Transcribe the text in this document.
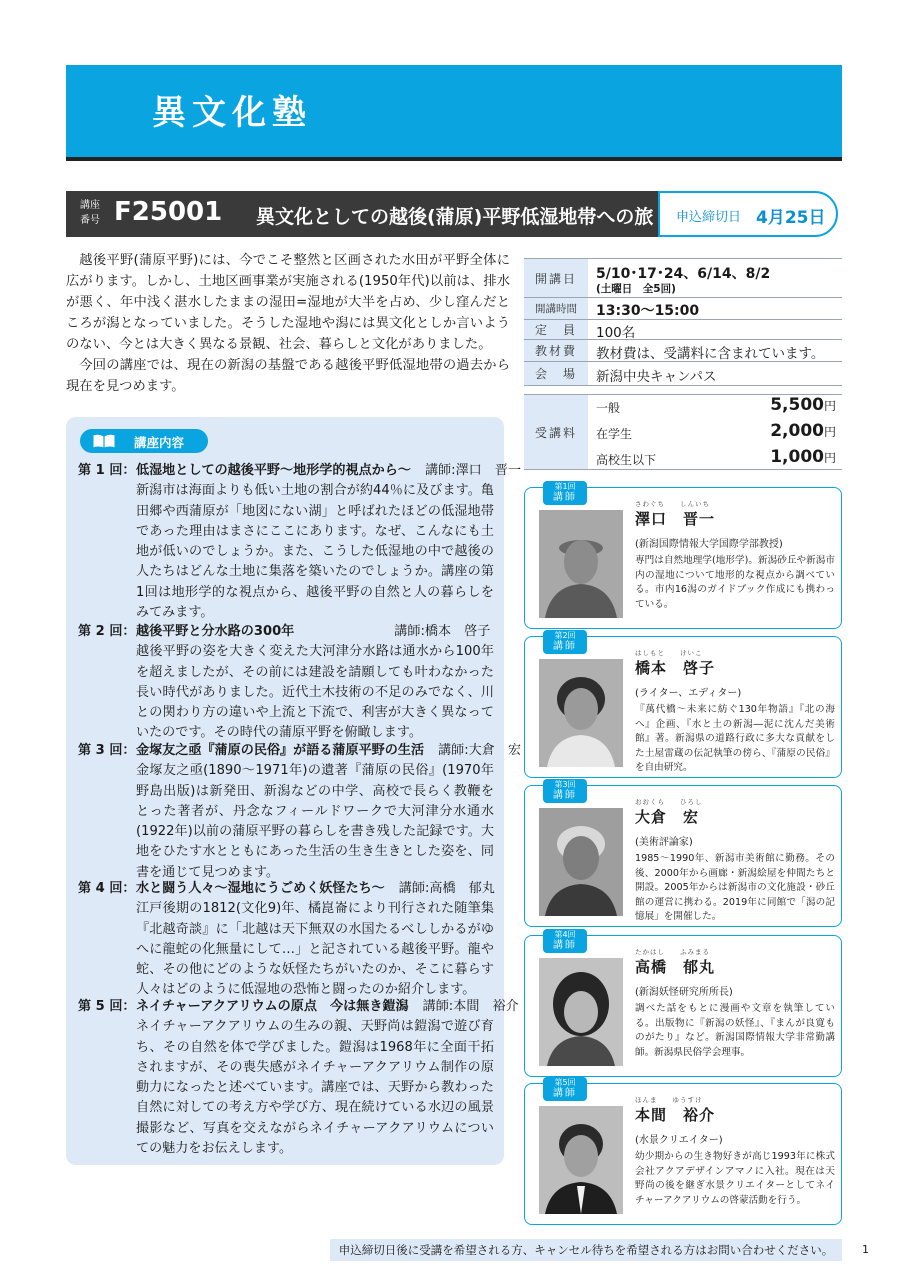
異文化塾
講座番号 F25001 異文化としての越後(蒲原)平野低湿地帯への旅 申込締切日 4月25日

越後平野(蒲原平野)には、今でこそ整然と区画された水田が平野全体に広がります。しかし、土地区画事業が実施される(1950年代)以前は、排水が悪く、年中浅く湛水したままの湿田=湿地が大半を占め、少し窪んだところが潟となっていました。そうした湿地や潟には異文化としか言いようのない、今とは大きく異なる景観、社会、暮らしと文化がありました。

今回の講座では、現在の新潟の基盤である越後平野低湿地帯の過去から現在を見つめます。

講座内容
第 1 回： 低湿地としての越後平野～地形学的視点から～ 講師:澤口　晋一
新潟市は海面よりも低い土地の割合が約44％に及びます。亀田郷や西蒲原が「地図にない湖」と呼ばれたほどの低湿地帯であった理由はまさにここにあります。なぜ、こんなにも土地が低いのでしょうか。また、こうした低湿地の中で越後の人たちはどんな土地に集落を築いたのでしょうか。講座の第1回は地形学的な視点から、越後平野の自然と人の暮らしをみてみます。
第 2 回： 越後平野と分水路の300年	講師:橋本　啓子
越後平野の姿を大きく変えた大河津分水路は通水から100年を超えましたが、その前には建設を請願しても叶わなかった長い時代がありました。近代土木技術の不足のみでなく、川との関わり方の違いや上流と下流で、利害が大きく異なっていたのです。その時代の蒲原平野を俯瞰します。
第 3 回： 金塚友之亟『蒲原の民俗』が語る蒲原平野の生活 講師:大倉　宏
金塚友之亟(1890～1971年)の遺著『蒲原の民俗』(1970年野島出版)は新発田、新潟などの中学、高校で長らく教鞭をとった著者が、丹念なフィールドワークで大河津分水通水(1922年)以前の蒲原平野の暮らしを書き残した記録です。大地をひたす水とともにあった生活の生き生きとした姿を、同書を通じて見つめます。
第 4 回： 水と闘う人々～湿地にうごめく妖怪たち～ 講師:高橋　郁丸
江戸後期の1812(文化9)年、橘崑崙により刊行された随筆集『北越奇談』に「北越は天下無双の水国たるべししかるがゆへに龍蛇の化無量にして…」と記されている越後平野。龍や蛇、その他にどのような妖怪たちがいたのか、そこに暮らす人々はどのように低湿地の恐怖と闘ったのか紹介します。
第 5 回： ネイチャーアクアリウムの原点　今は無き鎧潟 講師:本間　裕介
ネイチャーアクアリウムの生みの親、天野尚は鎧潟で遊び育ち、その自然を体で学びました。鎧潟は1968年に全面干拓されますが、その喪失感がネイチャーアクアリウム制作の原動力になったと述べています。講座では、天野から教わった自然に対しての考え方や学び方、現在続けている水辺の風景撮影など、写真を交えながらネイチャーアクアリウムについての魅力をお伝えします。
開講日	5/10･17･24、6/14、8/2
(土曜日　全5回)
開講時間	13:30～15:00
定　員	100名
教材費	教材費は、受講料に含まれています。
会　場	新潟中央キャンパス
受講料
一般	5,500円
在学生	2,000円
高校生以下	1,000円
第1回
講師
さわぐち　　 しんいち
澤口　晋一
(新潟国際情報大学国際学部教授)
専門は自然地理学(地形学)。新潟砂丘や新潟市内の湿地について地形的な視点から調べている。市内16潟のガイドブック作成にも携わっている。
第2回
講師
はしもと　　 けいこ
橋本　啓子
(ライター、エディター)
『萬代橋～未来に紡ぐ130年物語』『北の海へ』企画、『水と土の新潟―泥に沈んだ美術館』著。新潟県の道路行政に多大な貢献をした土屋雷蔵の伝記執筆の傍ら、『蒲原の民俗』を自由研究。
第3回
講師
おおくら　　 ひろし
大倉　宏
(美術評論家)
1985～1990年、新潟市美術館に勤務。その後、2000年から画廊・新潟絵屋を仲間たちと開設。2005年からは新潟市の文化施設・砂丘館の運営に携わる。2019年に同館で「潟の記憶展」を開催した。
第4回
講師
たかはし　　 ふみまる
高橋　郁丸
(新潟妖怪研究所所長)
調べた話をもとに漫画や文章を執筆している。出版物に『新潟の妖怪』、『まんが良寛ものがたり』など。新潟国際情報大学非常勤講師。新潟県民俗学会理事。
第5回
講師
ほんま　　 ゆうすけ
本間　裕介
(水景クリエイター)
幼少期からの生き物好きが高じ1993年に株式会社アクアデザインアマノに入社。現在は天野尚の後を継ぎ水景クリエイターとしてネイチャーアクアリウムの啓蒙活動を行う。
申込締切日後に受講を希望される方、キャンセル待ちを希望される方はお問い合わせください。	1
